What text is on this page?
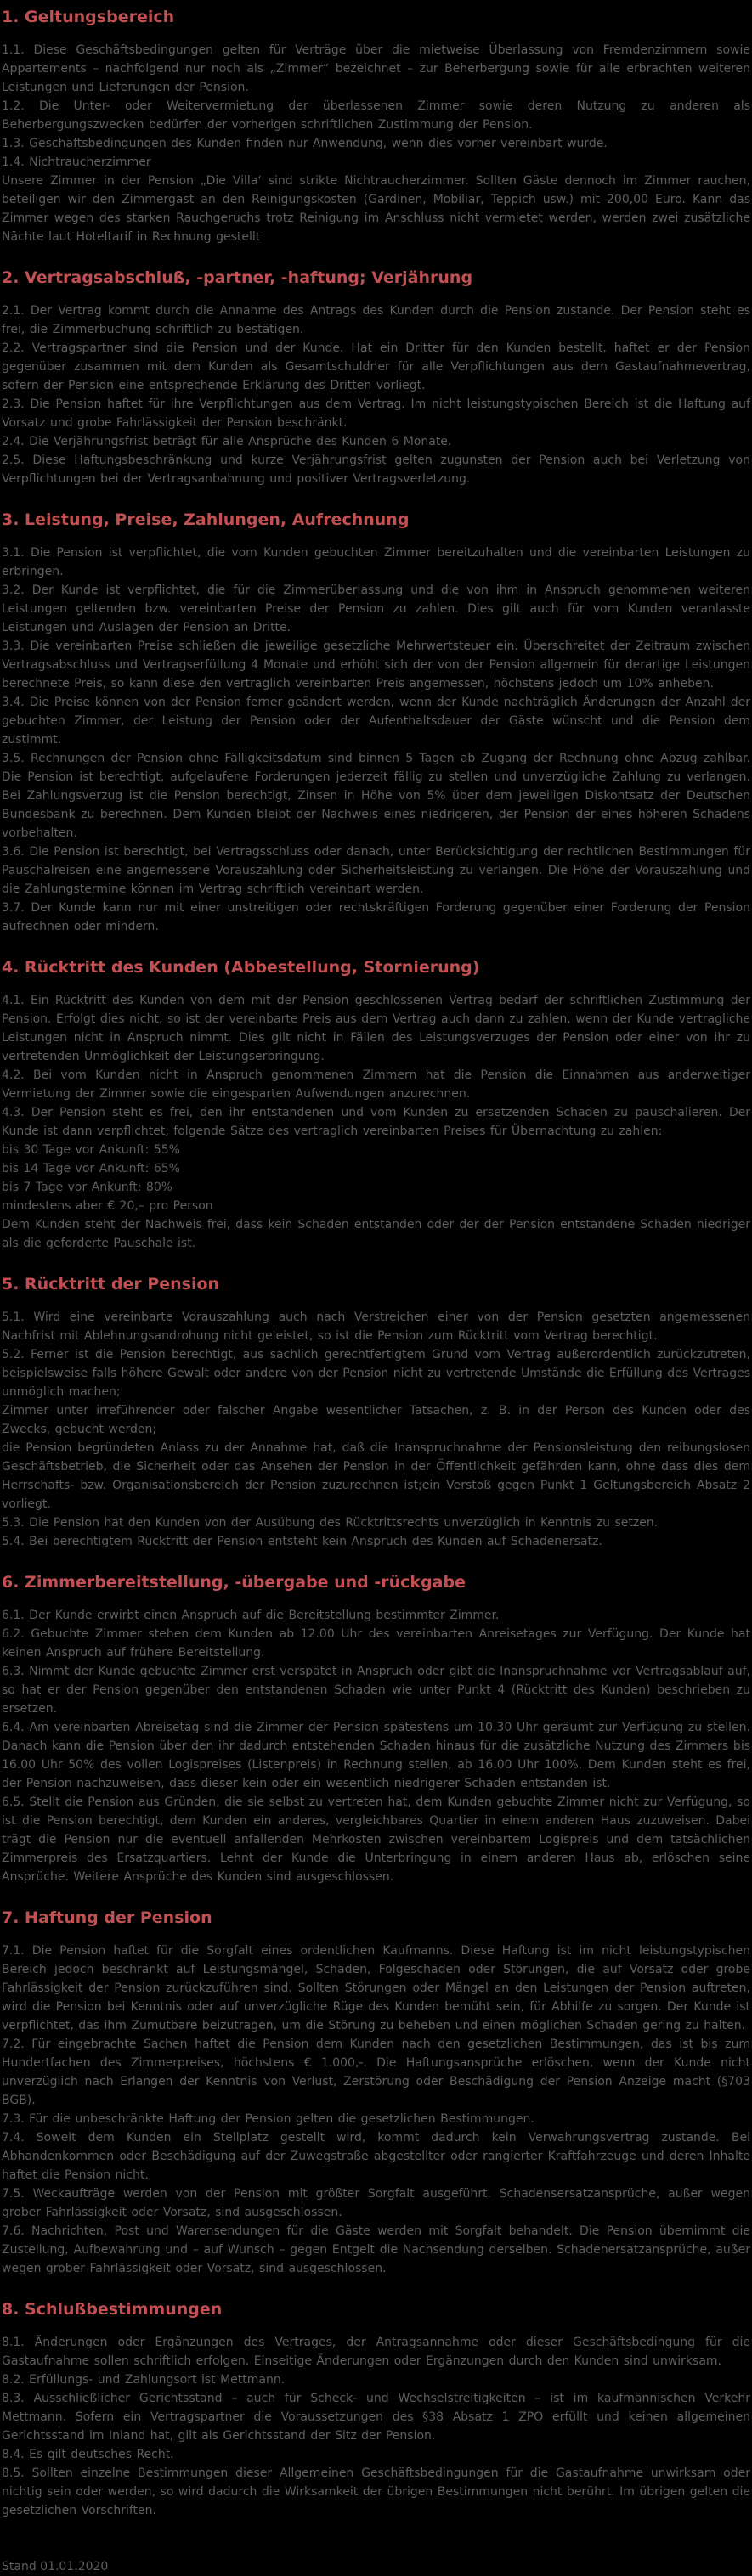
1. Geltungsbereich

1.1. Diese Geschäftsbedingungen gelten für Verträge über die mietweise Überlassung von Fremdenzimmern sowie Appartements – nachfolgend nur noch als „Zimmer“ bezeichnet – zur Beherbergung sowie für alle erbrachten weiteren Leistungen und Lieferungen der Pension.

1.2. Die Unter- oder Weitervermietung der überlassenen Zimmer sowie deren Nutzung zu anderen als Beherbergungszwecken bedürfen der vorherigen schriftlichen Zustimmung der Pension.

1.3. Geschäftsbedingungen des Kunden finden nur Anwendung, wenn dies vorher vereinbart wurde.

1.4. Nichtraucherzimmer

Unsere Zimmer in der Pension „Die Villa‘ sind strikte Nichtraucherzimmer. Sollten Gäste dennoch im Zimmer rauchen, beteiligen wir den Zimmergast an den Reinigungskosten (Gardinen, Mobiliar, Teppich usw.) mit 200,00 Euro. Kann das Zimmer wegen des starken Rauchgeruchs trotz Reinigung im Anschluss nicht vermietet werden, werden zwei zusätzliche Nächte laut Hoteltarif in Rechnung gestellt

2. Vertragsabschluß, -partner, -haftung; Verjährung

2.1. Der Vertrag kommt durch die Annahme des Antrags des Kunden durch die Pension zustande. Der Pension steht es frei, die Zimmerbuchung schriftlich zu bestätigen.

2.2. Vertragspartner sind die Pension und der Kunde. Hat ein Dritter für den Kunden bestellt, haftet er der Pension gegenüber zusammen mit dem Kunden als Gesamtschuldner für alle Verpflichtungen aus dem Gastaufnahmevertrag, sofern der Pension eine entsprechende Erklärung des Dritten vorliegt.

2.3. Die Pension haftet für ihre Verpflichtungen aus dem Vertrag. Im nicht leistungstypischen Bereich ist die Haftung auf Vorsatz und grobe Fahrlässigkeit der Pension beschränkt.

2.4. Die Verjährungsfrist beträgt für alle Ansprüche des Kunden 6 Monate.

2.5. Diese Haftungsbeschränkung und kurze Verjährungsfrist gelten zugunsten der Pension auch bei Verletzung von Verpflichtungen bei der Vertragsanbahnung und positiver Vertragsverletzung.

3. Leistung, Preise, Zahlungen, Aufrechnung

3.1. Die Pension ist verpflichtet, die vom Kunden gebuchten Zimmer bereitzuhalten und die vereinbarten Leistungen zu erbringen.

3.2. Der Kunde ist verpflichtet, die für die Zimmerüberlassung und die von ihm in Anspruch genommenen weiteren Leistungen geltenden bzw. vereinbarten Preise der Pension zu zahlen. Dies gilt auch für vom Kunden veranlasste Leistungen und Auslagen der Pension an Dritte.

3.3. Die vereinbarten Preise schließen die jeweilige gesetzliche Mehrwertsteuer ein. Überschreitet der Zeitraum zwischen Vertragsabschluss und Vertragserfüllung 4 Monate und erhöht sich der von der Pension allgemein für derartige Leistungen berechnete Preis, so kann diese den vertraglich vereinbarten Preis angemessen, höchstens jedoch um 10% anheben.

3.4. Die Preise können von der Pension ferner geändert werden, wenn der Kunde nachträglich Änderungen der Anzahl der gebuchten Zimmer, der Leistung der Pension oder der Aufenthaltsdauer der Gäste wünscht und die Pension dem zustimmt.

3.5. Rechnungen der Pension ohne Fälligkeitsdatum sind binnen 5 Tagen ab Zugang der Rechnung ohne Abzug zahlbar. Die Pension ist berechtigt, aufgelaufene Forderungen jederzeit fällig zu stellen und unverzügliche Zahlung zu verlangen. Bei Zahlungsverzug ist die Pension berechtigt, Zinsen in Höhe von 5% über dem jeweiligen Diskontsatz der Deutschen Bundesbank zu berechnen. Dem Kunden bleibt der Nachweis eines niedrigeren, der Pension der eines höheren Schadens vorbehalten.

3.6. Die Pension ist berechtigt, bei Vertragsschluss oder danach, unter Berücksichtigung der rechtlichen Bestimmungen für Pauschalreisen eine angemessene Vorauszahlung oder Sicherheitsleistung zu verlangen. Die Höhe der Vorauszahlung und die Zahlungstermine können im Vertrag schriftlich vereinbart werden.

3.7. Der Kunde kann nur mit einer unstreitigen oder rechtskräftigen Forderung gegenüber einer Forderung der Pension aufrechnen oder mindern.

4. Rücktritt des Kunden (Abbestellung, Stornierung)

4.1. Ein Rücktritt des Kunden von dem mit der Pension geschlossenen Vertrag bedarf der schriftlichen Zustimmung der Pension. Erfolgt dies nicht, so ist der vereinbarte Preis aus dem Vertrag auch dann zu zahlen, wenn der Kunde vertragliche Leistungen nicht in Anspruch nimmt. Dies gilt nicht in Fällen des Leistungsverzuges der Pension oder einer von ihr zu vertretenden Unmöglichkeit der Leistungserbringung.

4.2. Bei vom Kunden nicht in Anspruch genommenen Zimmern hat die Pension die Einnahmen aus anderweitiger Vermietung der Zimmer sowie die eingesparten Aufwendungen anzurechnen.

4.3. Der Pension steht es frei, den ihr entstandenen und vom Kunden zu ersetzenden Schaden zu pauschalieren. Der Kunde ist dann verpflichtet, folgende Sätze des vertraglich vereinbarten Preises für Übernachtung zu zahlen:

bis 30 Tage vor Ankunft: 55%

bis 14 Tage vor Ankunft: 65%

bis 7 Tage vor Ankunft: 80%

mindestens aber € 20,– pro Person

Dem Kunden steht der Nachweis frei, dass kein Schaden entstanden oder der der Pension entstandene Schaden niedriger als die geforderte Pauschale ist.

5. Rücktritt der Pension

5.1. Wird eine vereinbarte Vorauszahlung auch nach Verstreichen einer von der Pension gesetzten angemessenen Nachfrist mit Ablehnungsandrohung nicht geleistet, so ist die Pension zum Rücktritt vom Vertrag berechtigt.

5.2. Ferner ist die Pension berechtigt, aus sachlich gerechtfertigtem Grund vom Vertrag außerordentlich zurückzutreten, beispielsweise falls höhere Gewalt oder andere von der Pension nicht zu vertretende Umstände die Erfüllung des Vertrages unmöglich machen;

Zimmer unter irreführender oder falscher Angabe wesentlicher Tatsachen, z. B. in der Person des Kunden oder des Zwecks, gebucht werden;

die Pension begründeten Anlass zu der Annahme hat, daß die Inanspruchnahme der Pensionsleistung den reibungslosen Geschäftsbetrieb, die Sicherheit oder das Ansehen der Pension in der Öffentlichkeit gefährden kann, ohne dass dies dem Herrschafts- bzw. Organisationsbereich der Pension zuzurechnen ist;ein Verstoß gegen Punkt 1 Geltungsbereich Absatz 2 vorliegt.

5.3. Die Pension hat den Kunden von der Ausübung des Rücktrittsrechts unverzüglich in Kenntnis zu setzen.

5.4. Bei berechtigtem Rücktritt der Pension entsteht kein Anspruch des Kunden auf Schadenersatz.

6. Zimmerbereitstellung, -übergabe und -rückgabe

6.1. Der Kunde erwirbt einen Anspruch auf die Bereitstellung bestimmter Zimmer.

6.2. Gebuchte Zimmer stehen dem Kunden ab 12.00 Uhr des vereinbarten Anreisetages zur Verfügung. Der Kunde hat keinen Anspruch auf frühere Bereitstellung.

6.3. Nimmt der Kunde gebuchte Zimmer erst verspätet in Anspruch oder gibt die Inanspruchnahme vor Vertragsablauf auf, so hat er der Pension gegenüber den entstandenen Schaden wie unter Punkt 4 (Rücktritt des Kunden) beschrieben zu ersetzen.

6.4. Am vereinbarten Abreisetag sind die Zimmer der Pension spätestens um 10.30 Uhr geräumt zur Verfügung zu stellen. Danach kann die Pension über den ihr dadurch entstehenden Schaden hinaus für die zusätzliche Nutzung des Zimmers bis 16.00 Uhr 50% des vollen Logispreises (Listenpreis) in Rechnung stellen, ab 16.00 Uhr 100%. Dem Kunden steht es frei, der Pension nachzuweisen, dass dieser kein oder ein wesentlich niedrigerer Schaden entstanden ist.

6.5. Stellt die Pension aus Gründen, die sie selbst zu vertreten hat, dem Kunden gebuchte Zimmer nicht zur Verfügung, so ist die Pension berechtigt, dem Kunden ein anderes, vergleichbares Quartier in einem anderen Haus zuzuweisen. Dabei trägt die Pension nur die eventuell anfallenden Mehrkosten zwischen vereinbartem Logispreis und dem tatsächlichen Zimmerpreis des Ersatzquartiers. Lehnt der Kunde die Unterbringung in einem anderen Haus ab, erlöschen seine Ansprüche. Weitere Ansprüche des Kunden sind ausgeschlossen.

7. Haftung der Pension

7.1. Die Pension haftet für die Sorgfalt eines ordentlichen Kaufmanns. Diese Haftung ist im nicht leistungstypischen Bereich jedoch beschränkt auf Leistungsmängel, Schäden, Folgeschäden oder Störungen, die auf Vorsatz oder grobe Fahrlässigkeit der Pension zurückzuführen sind. Sollten Störungen oder Mängel an den Leistungen der Pension auftreten, wird die Pension bei Kenntnis oder auf unverzügliche Rüge des Kunden bemüht sein, für Abhilfe zu sorgen. Der Kunde ist verpflichtet, das ihm Zumutbare beizutragen, um die Störung zu beheben und einen möglichen Schaden gering zu halten.

7.2. Für eingebrachte Sachen haftet die Pension dem Kunden nach den gesetzlichen Bestimmungen, das ist bis zum Hundertfachen des Zimmerpreises, höchstens € 1.000,-. Die Haftungsansprüche erlöschen, wenn der Kunde nicht unverzüglich nach Erlangen der Kenntnis von Verlust, Zerstörung oder Beschädigung der Pension Anzeige macht (§703 BGB).

7.3. Für die unbeschränkte Haftung der Pension gelten die gesetzlichen Bestimmungen.

7.4. Soweit dem Kunden ein Stellplatz gestellt wird, kommt dadurch kein Verwahrungsvertrag zustande. Bei Abhandenkommen oder Beschädigung auf der Zuwegstraße abgestellter oder rangierter Kraftfahrzeuge und deren Inhalte haftet die Pension nicht.

7.5. Weckaufträge werden von der Pension mit größter Sorgfalt ausgeführt. Schadensersatzansprüche, außer wegen grober Fahrlässigkeit oder Vorsatz, sind ausgeschlossen.

7.6. Nachrichten, Post und Warensendungen für die Gäste werden mit Sorgfalt behandelt. Die Pension übernimmt die Zustellung, Aufbewahrung und – auf Wunsch – gegen Entgelt die Nachsendung derselben. Schadenersatzansprüche, außer wegen grober Fahrlässigkeit oder Vorsatz, sind ausgeschlossen.

8. Schlußbestimmungen

8.1. Änderungen oder Ergänzungen des Vertrages, der Antragsannahme oder dieser Geschäftsbedingung für die Gastaufnahme sollen schriftlich erfolgen. Einseitige Änderungen oder Ergänzungen durch den Kunden sind unwirksam.

8.2. Erfüllungs- und Zahlungsort ist Mettmann.

8.3. Ausschließlicher Gerichtsstand – auch für Scheck- und Wechselstreitigkeiten – ist im kaufmännischen Verkehr Mettmann. Sofern ein Vertragspartner die Voraussetzungen des §38 Absatz 1 ZPO erfüllt und keinen allgemeinen Gerichtsstand im Inland hat, gilt als Gerichtsstand der Sitz der Pension.

8.4. Es gilt deutsches Recht.

8.5. Sollten einzelne Bestimmungen dieser Allgemeinen Geschäftsbedingungen für die Gastaufnahme unwirksam oder nichtig sein oder werden, so wird dadurch die Wirksamkeit der übrigen Bestimmungen nicht berührt. Im übrigen gelten die gesetzlichen Vorschriften.

Stand 01.01.2020
